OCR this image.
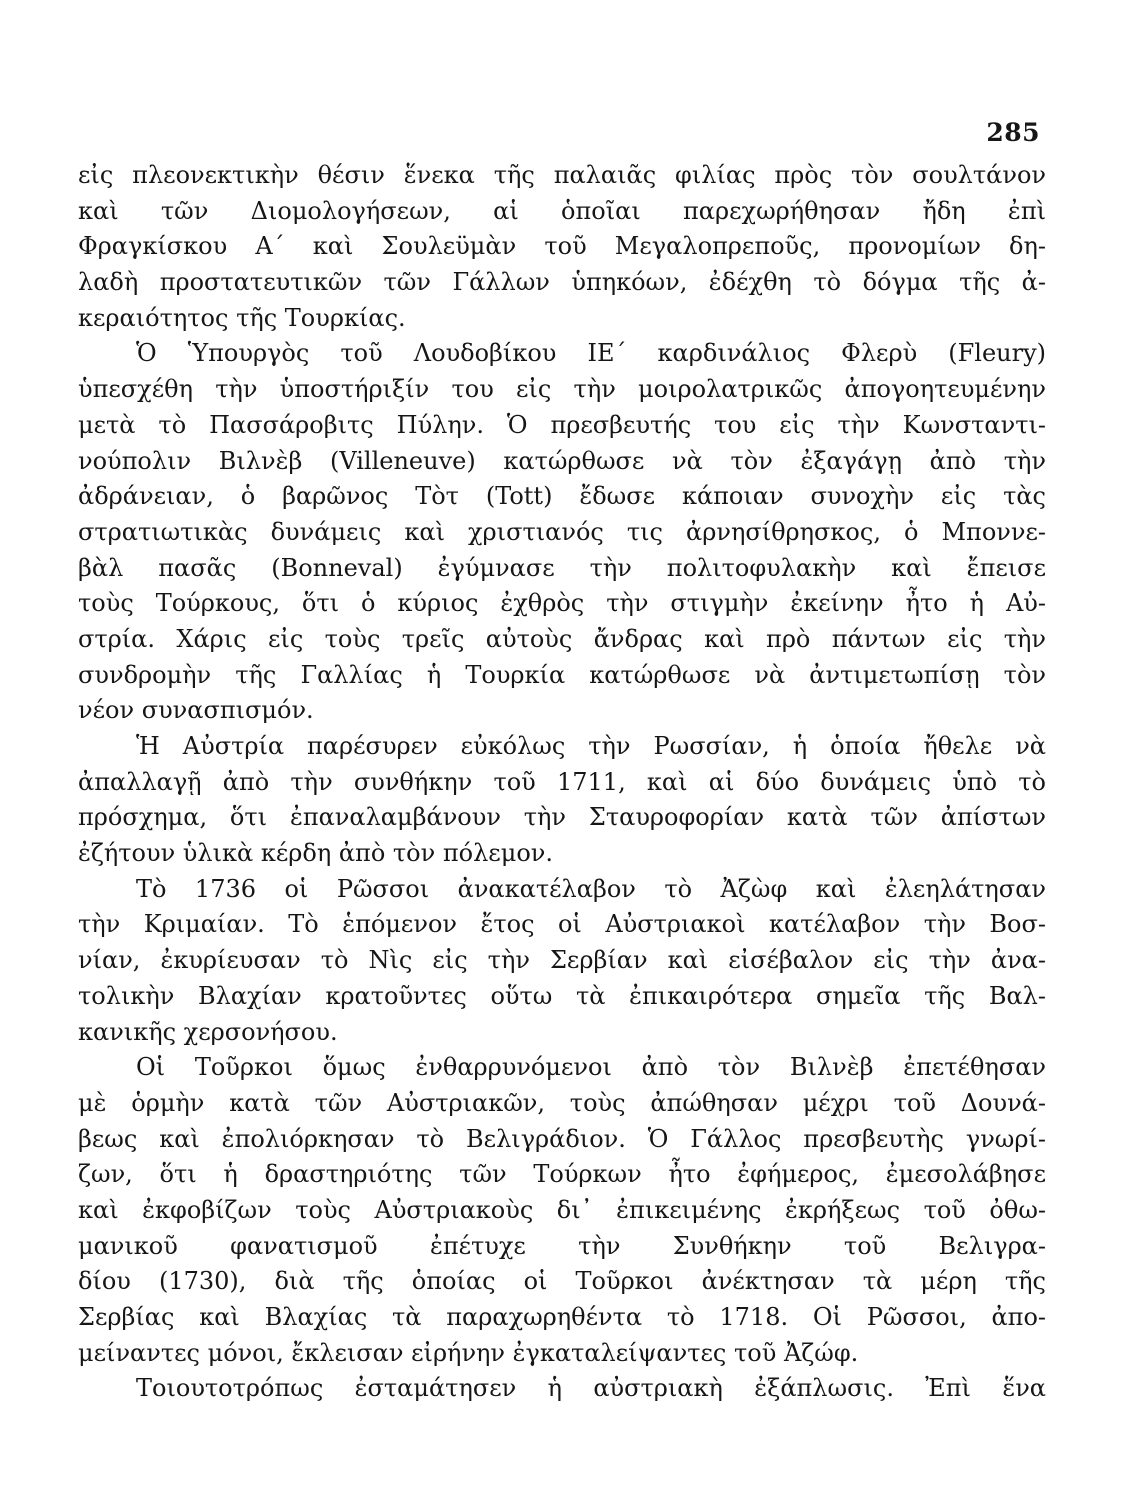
285
εἰς πλεονεκτικὴν θέσιν ἕνεκα τῆς παλαιᾶς φιλίας πρὸς τὸν σουλτάνον
καὶ τῶν Διομολογήσεων, αἱ ὁποῖαι παρεχωρήθησαν ἤδη ἐπὶ
Φραγκίσκου Α΄ καὶ Σουλεϋμὰν τοῦ Μεγαλοπρεποῦς, προνομίων δη-
λαδὴ προστατευτικῶν τῶν Γάλλων ὑπηκόων, ἐδέχθη τὸ δόγμα τῆς ἀ-
κεραιότητος τῆς Τουρκίας.
Ὁ Ὑπουργὸς τοῦ Λουδοβίκου ΙΕ΄ καρδινάλιος Φλερὺ (Fleury)
ὑπεσχέθη τὴν ὑποστήριξίν του εἰς τὴν μοιρολατρικῶς ἀπογοητευμένην
μετὰ τὸ Πασσάροβιτς Πύλην. Ὁ πρεσβευτής του εἰς τὴν Κωνσταντι-
νούπολιν Βιλνὲβ (Villeneuve) κατώρθωσε νὰ τὸν ἐξαγάγῃ ἀπὸ τὴν
ἀδράνειαν, ὁ βαρῶνος Τὸτ (Tott) ἔδωσε κάποιαν συνοχὴν εἰς τὰς
στρατιωτικὰς δυνάμεις καὶ χριστιανός τις ἀρνησίθρησκος, ὁ Μποννε-
βὰλ πασᾶς (Bonneval) ἐγύμνασε τὴν πολιτοφυλακὴν καὶ ἔπεισε
τοὺς Τούρκους, ὅτι ὁ κύριος ἐχθρὸς τὴν στιγμὴν ἐκείνην ἦτο ἡ Αὐ-
στρία. Χάρις εἰς τοὺς τρεῖς αὐτοὺς ἄνδρας καὶ πρὸ πάντων εἰς τὴν
συνδρομὴν τῆς Γαλλίας ἡ Τουρκία κατώρθωσε νὰ ἀντιμετωπίσῃ τὸν
νέον συνασπισμόν.
Ἡ Αὐστρία παρέσυρεν εὐκόλως τὴν Ρωσσίαν, ἡ ὁποία ἤθελε νὰ
ἀπαλλαγῇ ἀπὸ τὴν συνθήκην τοῦ 1711, καὶ αἱ δύο δυνάμεις ὑπὸ τὸ
πρόσχημα, ὅτι ἐπαναλαμβάνουν τὴν Σταυροφορίαν κατὰ τῶν ἀπίστων
ἐζήτουν ὑλικὰ κέρδη ἀπὸ τὸν πόλεμον.
Τὸ 1736 οἱ Ρῶσσοι ἀνακατέλαβον τὸ Ἀζὼφ καὶ ἐλεηλάτησαν
τὴν Κριμαίαν. Τὸ ἑπόμενον ἔτος οἱ Αὐστριακοὶ κατέλαβον τὴν Βοσ-
νίαν, ἐκυρίευσαν τὸ Νὶς εἰς τὴν Σερβίαν καὶ εἰσέβαλον εἰς τὴν ἀνα-
τολικὴν Βλαχίαν κρατοῦντες οὕτω τὰ ἐπικαιρότερα σημεῖα τῆς Βαλ-
κανικῆς χερσονήσου.
Οἱ Τοῦρκοι ὅμως ἐνθαρρυνόμενοι ἀπὸ τὸν Βιλνὲβ ἐπετέθησαν
μὲ ὁρμὴν κατὰ τῶν Αὐστριακῶν, τοὺς ἀπώθησαν μέχρι τοῦ Δουνά-
βεως καὶ ἐπολιόρκησαν τὸ Βελιγράδιον. Ὁ Γάλλος πρεσβευτὴς γνωρί-
ζων, ὅτι ἡ δραστηριότης τῶν Τούρκων ἦτο ἐφήμερος, ἐμεσολάβησε
καὶ ἐκφοβίζων τοὺς Αὐστριακοὺς δι᾽ ἐπικειμένης ἐκρήξεως τοῦ ὀθω-
μανικοῦ φανατισμοῦ ἐπέτυχε τὴν Συνθήκην τοῦ Βελιγρα-
δίου (1730), διὰ τῆς ὁποίας οἱ Τοῦρκοι ἀνέκτησαν τὰ μέρη τῆς
Σερβίας καὶ Βλαχίας τὰ παραχωρηθέντα τὸ 1718. Οἱ Ρῶσσοι, ἀπο-
μείναντες μόνοι, ἔκλεισαν εἰρήνην ἐγκαταλείψαντες τοῦ Ἀζώφ.
Τοιουτοτρόπως ἐσταμάτησεν ἡ αὐστριακὴ ἐξάπλωσις. Ἐπὶ ἕνα
